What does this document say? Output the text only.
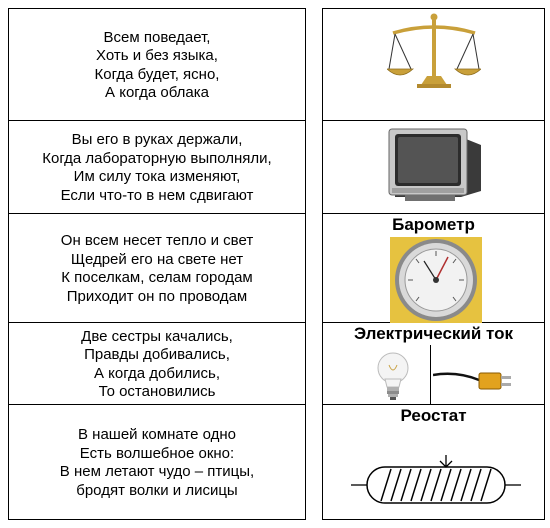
Всем поведает,
Хоть и без языка,
Когда будет, ясно,
А когда облака
Вы его в руках держали,
Когда лабораторную выполняли,
Им силу тока изменяют,
Если что-то в нем сдвигают
Он всем несет тепло и свет
Щедрей его на свете нет
К поселкам, селам городам
Приходит он по проводам
Две сестры качались,
Правды добивались,
А когда добились,
То остановились
В нашей комнате одно
Есть волшебное окно:
В нем летают чудо – птицы,
бродят волки и лисицы
Барометр
Электрический ток
Реостат
